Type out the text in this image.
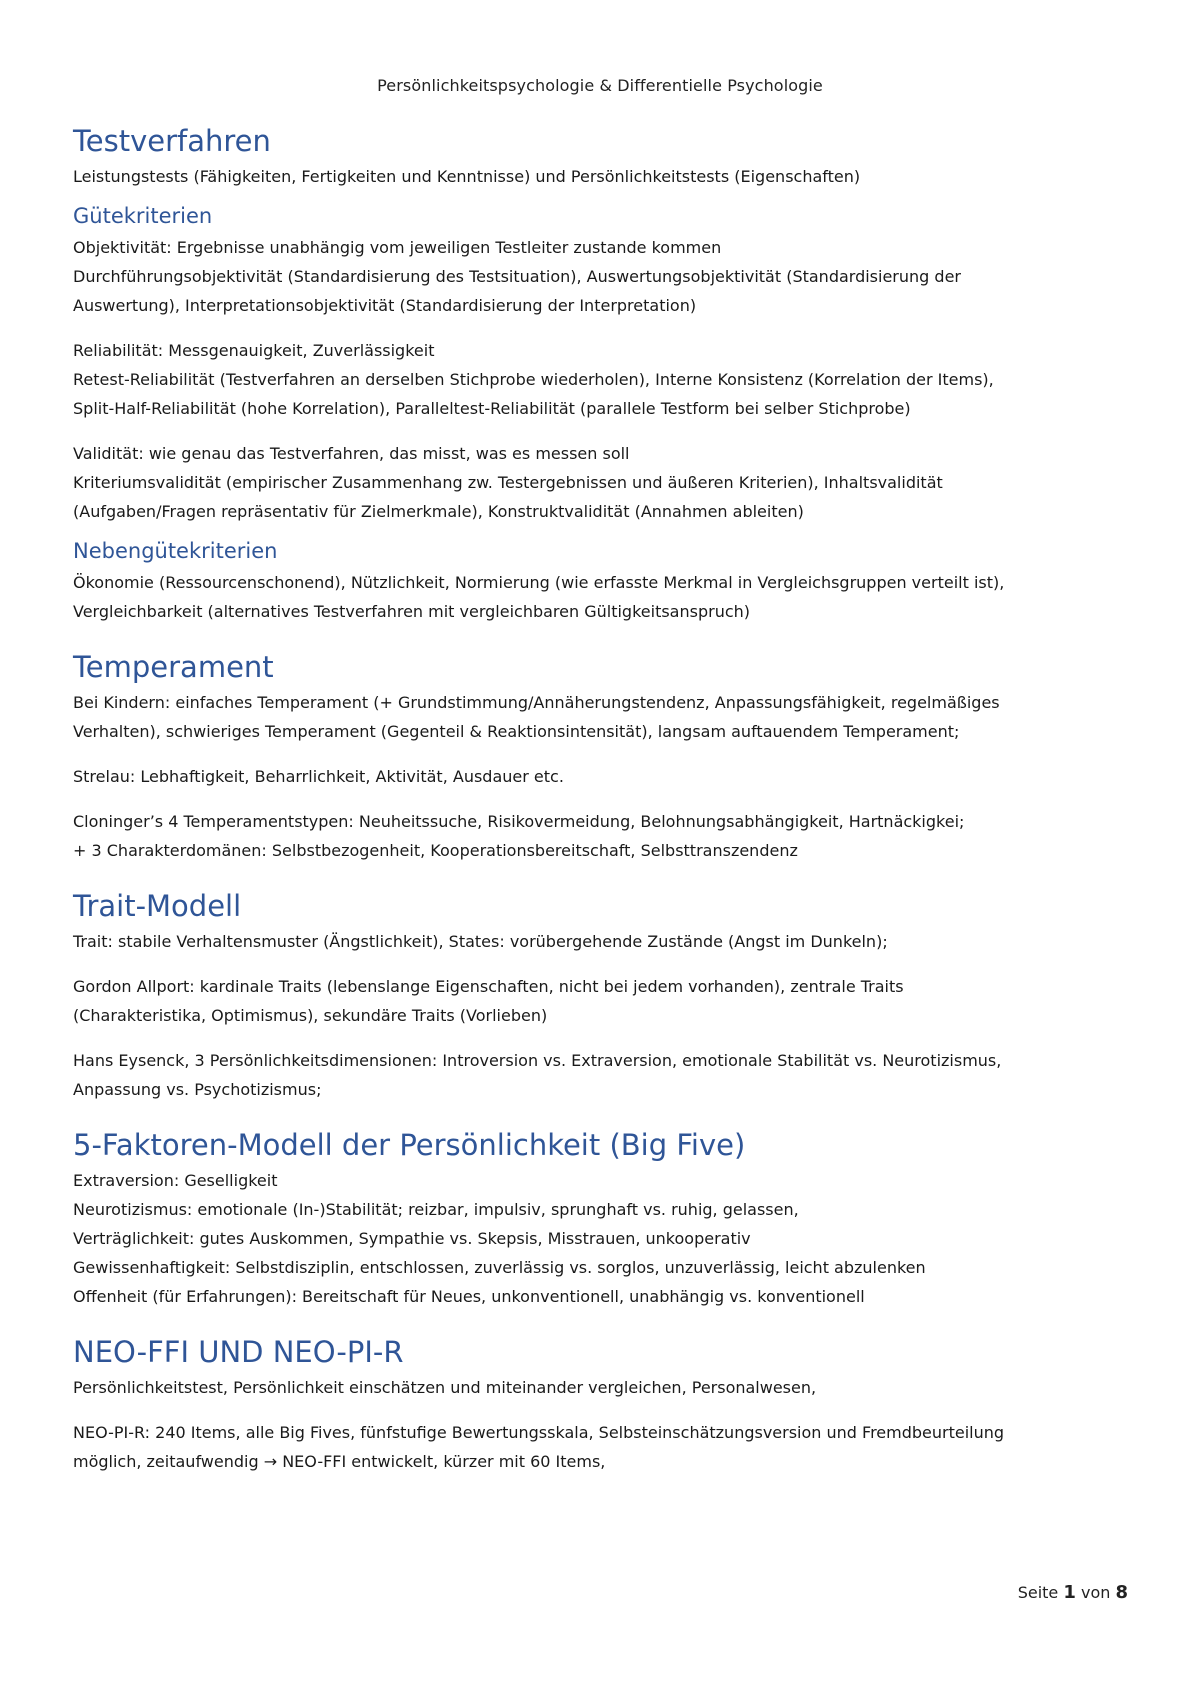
Persönlichkeitspsychologie & Differentielle Psychologie
Testverfahren

Leistungstests (Fähigkeiten, Fertigkeiten und Kenntnisse) und Persönlichkeitstests (Eigenschaften)

Gütekriterien

Objektivität: Ergebnisse unabhängig vom jeweiligen Testleiter zustande kommen

Durchführungsobjektivität (Standardisierung des Testsituation), Auswertungsobjektivität (Standardisierung der

Auswertung), Interpretationsobjektivität (Standardisierung der Interpretation)

Reliabilität: Messgenauigkeit, Zuverlässigkeit

Retest-Reliabilität (Testverfahren an derselben Stichprobe wiederholen), Interne Konsistenz (Korrelation der Items),

Split-Half-Reliabilität (hohe Korrelation), Paralleltest-Reliabilität (parallele Testform bei selber Stichprobe)

Validität: wie genau das Testverfahren, das misst, was es messen soll

Kriteriumsvalidität (empirischer Zusammenhang zw. Testergebnissen und äußeren Kriterien), Inhaltsvalidität

(Aufgaben/Fragen repräsentativ für Zielmerkmale), Konstruktvalidität (Annahmen ableiten)

Nebengütekriterien

Ökonomie (Ressourcenschonend), Nützlichkeit, Normierung (wie erfasste Merkmal in Vergleichsgruppen verteilt ist),

Vergleichbarkeit (alternatives Testverfahren mit vergleichbaren Gültigkeitsanspruch)

Temperament

Bei Kindern: einfaches Temperament (+ Grundstimmung/Annäherungstendenz, Anpassungsfähigkeit, regelmäßiges

Verhalten), schwieriges Temperament (Gegenteil & Reaktionsintensität), langsam auftauendem Temperament;

Strelau: Lebhaftigkeit, Beharrlichkeit, Aktivität, Ausdauer etc.

Cloninger’s 4 Temperamentstypen: Neuheitssuche, Risikovermeidung, Belohnungsabhängigkeit, Hartnäckigkei;

+ 3 Charakterdomänen: Selbstbezogenheit, Kooperationsbereitschaft, Selbsttranszendenz

Trait-Modell

Trait: stabile Verhaltensmuster (Ängstlichkeit), States: vorübergehende Zustände (Angst im Dunkeln);

Gordon Allport: kardinale Traits (lebenslange Eigenschaften, nicht bei jedem vorhanden), zentrale Traits

(Charakteristika, Optimismus), sekundäre Traits (Vorlieben)

Hans Eysenck, 3 Persönlichkeitsdimensionen: Introversion vs. Extraversion, emotionale Stabilität vs. Neurotizismus,

Anpassung vs. Psychotizismus;

5-Faktoren-Modell der Persönlichkeit (Big Five)

Extraversion: Geselligkeit

Neurotizismus: emotionale (In-)Stabilität; reizbar, impulsiv, sprunghaft vs. ruhig, gelassen,

Verträglichkeit: gutes Auskommen, Sympathie vs. Skepsis, Misstrauen, unkooperativ

Gewissenhaftigkeit: Selbstdisziplin, entschlossen, zuverlässig vs. sorglos, unzuverlässig, leicht abzulenken

Offenheit (für Erfahrungen): Bereitschaft für Neues, unkonventionell, unabhängig vs. konventionell

NEO-FFI UND NEO-PI-R

Persönlichkeitstest, Persönlichkeit einschätzen und miteinander vergleichen, Personalwesen,

NEO-PI-R: 240 Items, alle Big Fives, fünfstufige Bewertungsskala, Selbsteinschätzungsversion und Fremdbeurteilung

möglich, zeitaufwendig → NEO-FFI entwickelt, kürzer mit 60 Items,

Seite 1 von 8
